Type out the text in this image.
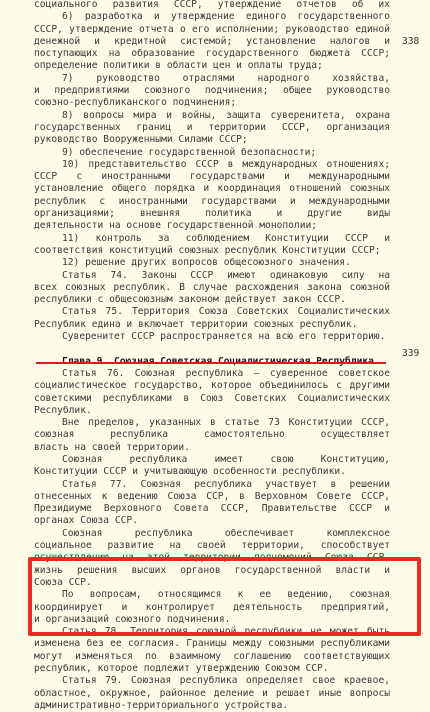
социального развития СССР, утверждение отчетов об их
6) разработка и утверждение единого государственного
СССР, утверждение отчета о его исполнении; руководство единой
денежной и кредитной системой; установление налогов и
поступающих на образование государственного бюджета СССР;
определение политики в области цен и оплаты труда;
7) руководство отраслями народного хозяйства,
и предприятиями союзного подчинения; общее руководство
союзно-республиканского подчинения;
8) вопросы мира и войны, защита суверенитета, охрана
государственных границ и территории СССР, организация
руководство Вооруженными Силами СССР;
9) обеспечение государственной безопасности;
10) представительство СССР в международных отношениях;
СССР с иностранными государствами и международными
установление общего порядка и координация отношений союзных
республик с иностранными государствами и международными
организациями; внешняя политика и другие виды
деятельности на основе государственной монополии;
11) контроль за соблюдением Конституции СССР и
соответствия конституций союзных республик Конституции СССР;
12) решение других вопросов общесоюзного значения.
Статья 74. Законы СССР имеют одинаковую силу на
всех союзных республик. В случае расхождения закона союзной
республики с общесоюзным законом действует закон СССР.
Статья 75. Территория Союза Советских Социалистических
Республик едина и включает территории союзных республик.
Суверенитет СССР распространяется на всю его территорию.
Статья 76. Союзная республика — суверенное советское
социалистическое государство, которое объединилось с другими
советскими республиками в Союз Советских Социалистических
Республик.
Вне пределов, указанных в статье 73 Конституции СССР,
союзная республика самостоятельно осуществляет
власть на своей территории.
Союзная республика имеет свою Конституцию,
Конституции СССР и учитывающую особенности республики.
Статья 77. Союзная республика участвует в решении
отнесенных к ведению Союза ССР, в Верховном Совете СССР,
Президиуме Верховного Совета СССР, Правительстве СССР и
органах Союза ССР.
Союзная республика обеспечивает комплексное
социальное развитие на своей территории, способствует
осуществлению на этой территории полномочий Союза ССР,
жизнь решения высших органов государственной власти и
Союза ССР.
По вопросам, относящимся к ее ведению, союзная
координирует и контролирует деятельность предприятий,
и организаций союзного подчинения.
Статья 78. Территория союзной республики не может быть
изменена без ее согласия. Границы между союзными республиками
могут изменяться по взаимному соглашению соответствующих
республик, которое подлежит утверждению Союзом ССР.
Статья 79. Союзная республика определяет свое краевое,
областное, окружное, районное деление и решает иные вопросы
административно-территориального устройства.
338
339
